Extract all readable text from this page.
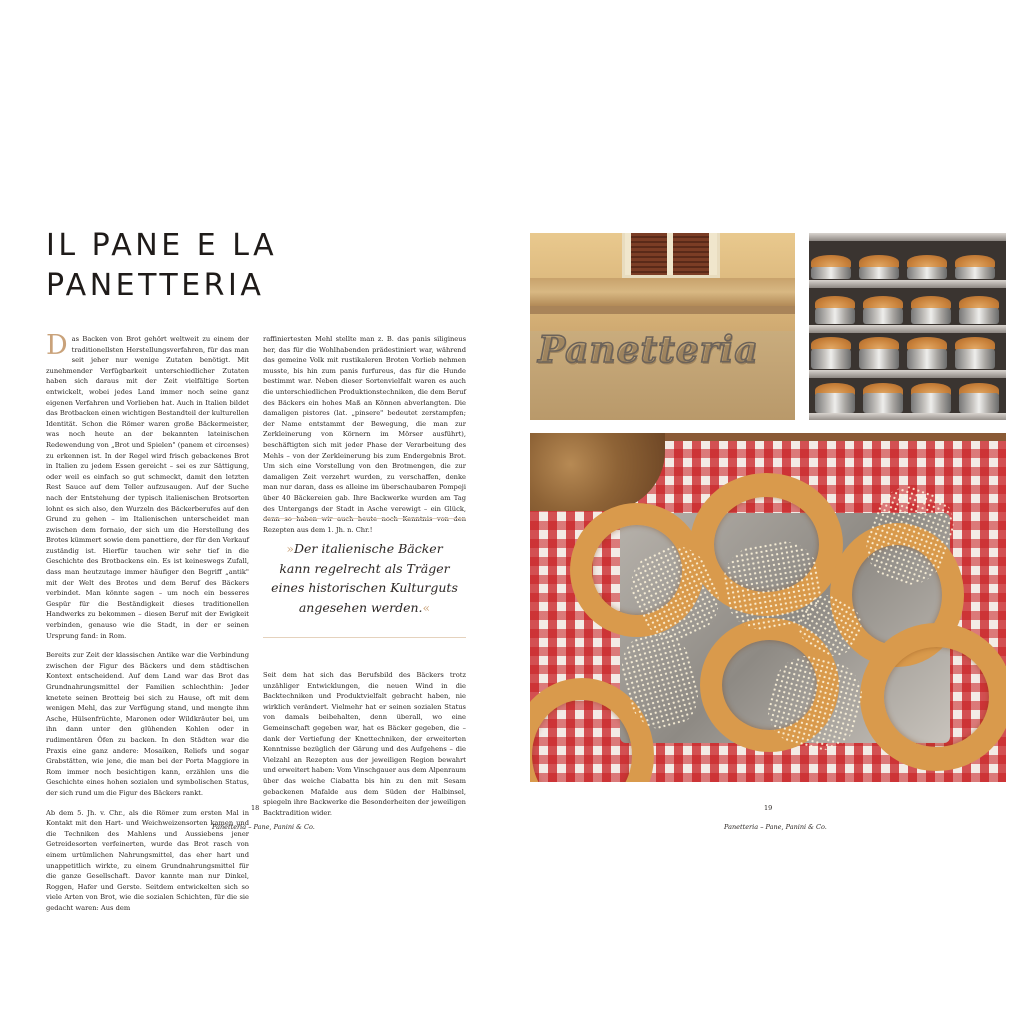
IL PANE E LA
PANETTERIA

Das Backen von Brot gehört weltweit zu einem der traditionellsten Herstellungsverfahren, für das man seit jeher nur wenige Zutaten benötigt. Mit zunehmender Verfügbarkeit unterschiedlicher Zutaten haben sich daraus mit der Zeit vielfältige Sorten entwickelt, wobei jedes Land immer noch seine ganz eigenen Verfahren und Vorlieben hat. Auch in Italien bildet das Brotbacken einen wichtigen Bestandteil der kulturellen Identität. Schon die Römer waren große Bäckermeister, was noch heute an der bekannten lateinischen Redewendung von „Brot und Spielen" (panem et circenses) zu erkennen ist. In der Regel wird frisch gebackenes Brot in Italien zu jedem Essen gereicht – sei es zur Sättigung, oder weil es einfach so gut schmeckt, damit den letzten Rest Sauce auf dem Teller aufzusaugen. Auf der Suche nach der Entstehung der typisch italienischen Brotsorten lohnt es sich also, den Wurzeln des Bäckerberufes auf den Grund zu gehen – im Italienischen unterscheidet man zwischen dem fornaio, der sich um die Herstellung des Brotes kümmert sowie dem panettiere, der für den Verkauf zuständig ist. Hierfür tauchen wir sehr tief in die Geschichte des Brotbackens ein. Es ist keineswegs Zufall, dass man heutzutage immer häufiger den Begriff „antik" mit der Welt des Brotes und dem Beruf des Bäckers verbindet. Man könnte sagen – um noch ein besseres Gespür für die Beständigkeit dieses traditionellen Handwerks zu bekommen – diesen Beruf mit der Ewigkeit verbinden, genauso wie die Stadt, in der er seinen Ursprung fand: in Rom.

Bereits zur Zeit der klassischen Antike war die Verbindung zwischen der Figur des Bäckers und dem städtischen Kontext entscheidend. Auf dem Land war das Brot das Grundnahrungsmittel der Familien schlechthin: Jeder knetete seinen Brotteig bei sich zu Hause, oft mit dem wenigen Mehl, das zur Verfügung stand, und mengte ihm Asche, Hülsenfrüchte, Maronen oder Wildkräuter bei, um ihn dann unter den glühenden Kohlen oder in rudimentären Öfen zu backen. In den Städten war die Praxis eine ganz andere: Mosaiken, Reliefs und sogar Grabstätten, wie jene, die man bei der Porta Maggiore in Rom immer noch besichtigen kann, erzählen uns die Geschichte eines hohen sozialen und symbolischen Status, der sich rund um die Figur des Bäckers rankt.

Ab dem 5. Jh. v. Chr., als die Römer zum ersten Mal in Kontakt mit den Hart- und Weichweizensorten kamen und die Techniken des Mahlens und Aussiebens jener Getreidesorten verfeinerten, wurde das Brot rasch von einem urtümlichen Nahrungsmittel, das eher hart und unappetitlich wirkte, zu einem Grundnahrungsmittel für die ganze Gesellschaft. Davor kannte man nur Dinkel, Roggen, Hafer und Gerste. Seitdem entwickelten sich so viele Arten von Brot, wie die sozialen Schichten, für die sie gedacht waren: Aus dem

raffiniertesten Mehl stellte man z. B. das panis siligineus her, das für die Wohlhabenden prädestiniert war, während das gemeine Volk mit rustikaleren Broten Vorlieb nehmen musste, bis hin zum panis furfureus, das für die Hunde bestimmt war. Neben dieser Sortenvielfalt waren es auch die unterschiedlichen Produktionstechniken, die dem Beruf des Bäckers ein hohes Maß an Können abverlangten. Die damaligen pistores (lat. „pinsere" bedeutet zerstampfen; der Name entstammt der Bewegung, die man zur Zerkleinerung von Körnern im Mörser ausführt), beschäftigten sich mit jeder Phase der Verarbeitung des Mehls – von der Zerkleinerung bis zum Endergebnis Brot. Um sich eine Vorstellung von den Brotmengen, die zur damaligen Zeit verzehrt wurden, zu verschaffen, denke man nur daran, dass es alleine im überschaubaren Pompeji über 40 Bäckereien gab. Ihre Backwerke wurden am Tag des Untergangs der Stadt in Asche verewigt – ein Glück, denn so haben wir auch heute noch Kenntnis von den Rezepten aus dem 1. Jh. n. Chr.!

»Der italienische Bäcker kann regelrecht als Träger eines historischen Kulturguts angesehen werden.«

Seit dem hat sich das Berufsbild des Bäckers trotz unzähliger Entwicklungen, die neuen Wind in die Backtechniken und Produktvielfalt gebracht haben, nie wirklich verändert. Vielmehr hat er seinen sozialen Status von damals beibehalten, denn überall, wo eine Gemeinschaft gegeben war, hat es Bäcker gegeben, die – dank der Vertiefung der Knettechniken, der erweiterten Kenntnisse bezüglich der Gärung und des Aufgehens – die Vielzahl an Rezepten aus der jeweiligen Region bewahrt und erweitert haben: Vom Vinschgauer aus dem Alpenraum über das weiche Ciabatta bis hin zu den mit Sesam gebackenen Mafalde aus dem Süden der Halbinsel, spiegeln ihre Backwerke die Besonderheiten der jeweiligen Backtradition wider.

18
Panetteria – Pane, Panini & Co.
Panetteria
19
Panetteria – Pane, Panini & Co.
